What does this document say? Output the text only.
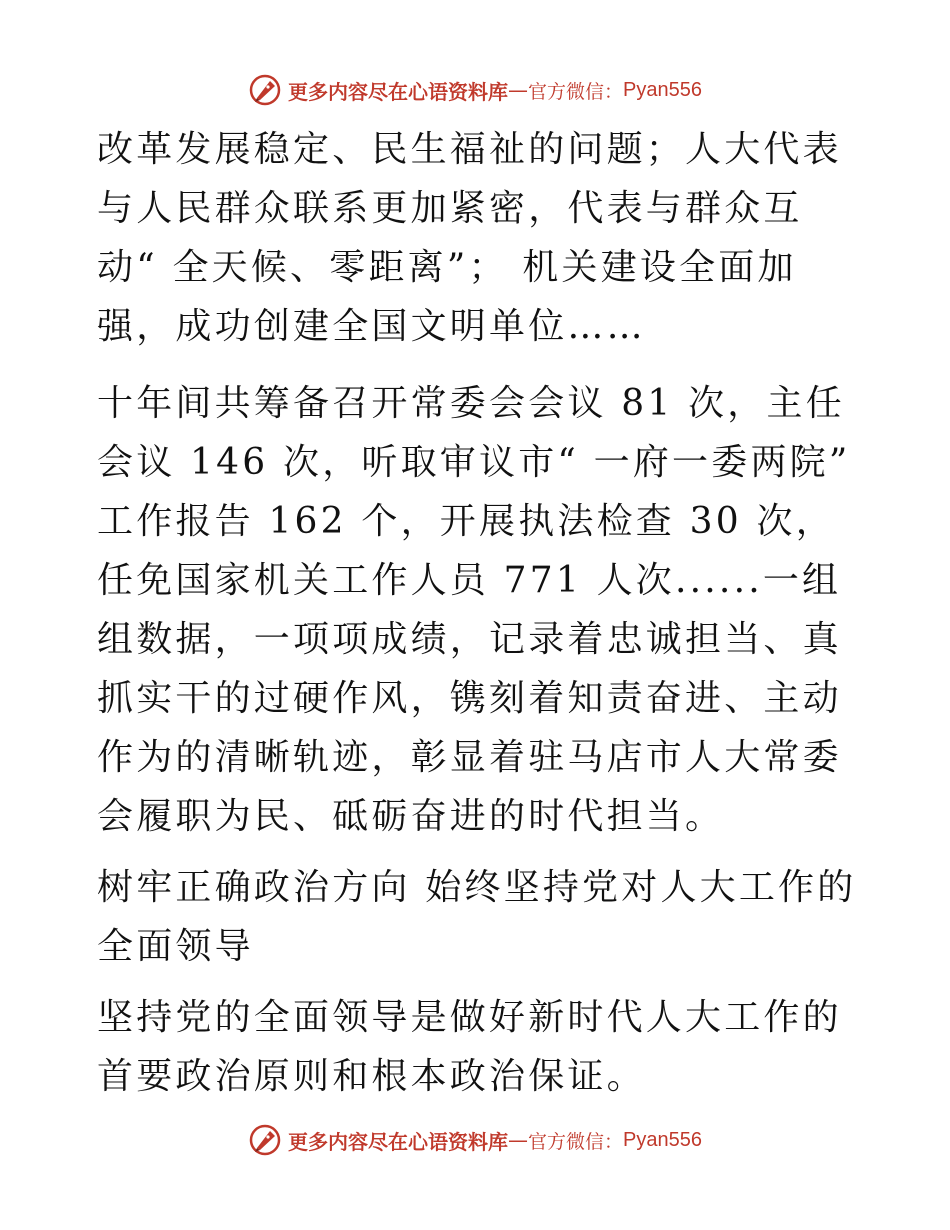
更多内容尽在心语资料库 — 官方微信： Pyan556

改革发展稳定、民生福祉的问题；人大代表与人民群众联系更加紧密，代表与群众互动“ 全天候、零距离”； 机关建设全面加强，成功创建全国文明单位……

十年间共筹备召开常委会会议 81 次，主任会议 146 次，听取审议市“ 一府一委两院” 工作报告 162 个，开展执法检查 30 次，任免国家机关工作人员 771 人次......一组组数据，一项项成绩，记录着忠诚担当、真抓实干的过硬作风，镌刻着知责奋进、主动作为的清晰轨迹，彰显着驻马店市人大常委会履职为民、砥砺奋进的时代担当。

树牢正确政治方向 始终坚持党对人大工作的全面领导

坚持党的全面领导是做好新时代人大工作的首要政治原则和根本政治保证。

更多内容尽在心语资料库 — 官方微信： Pyan556
